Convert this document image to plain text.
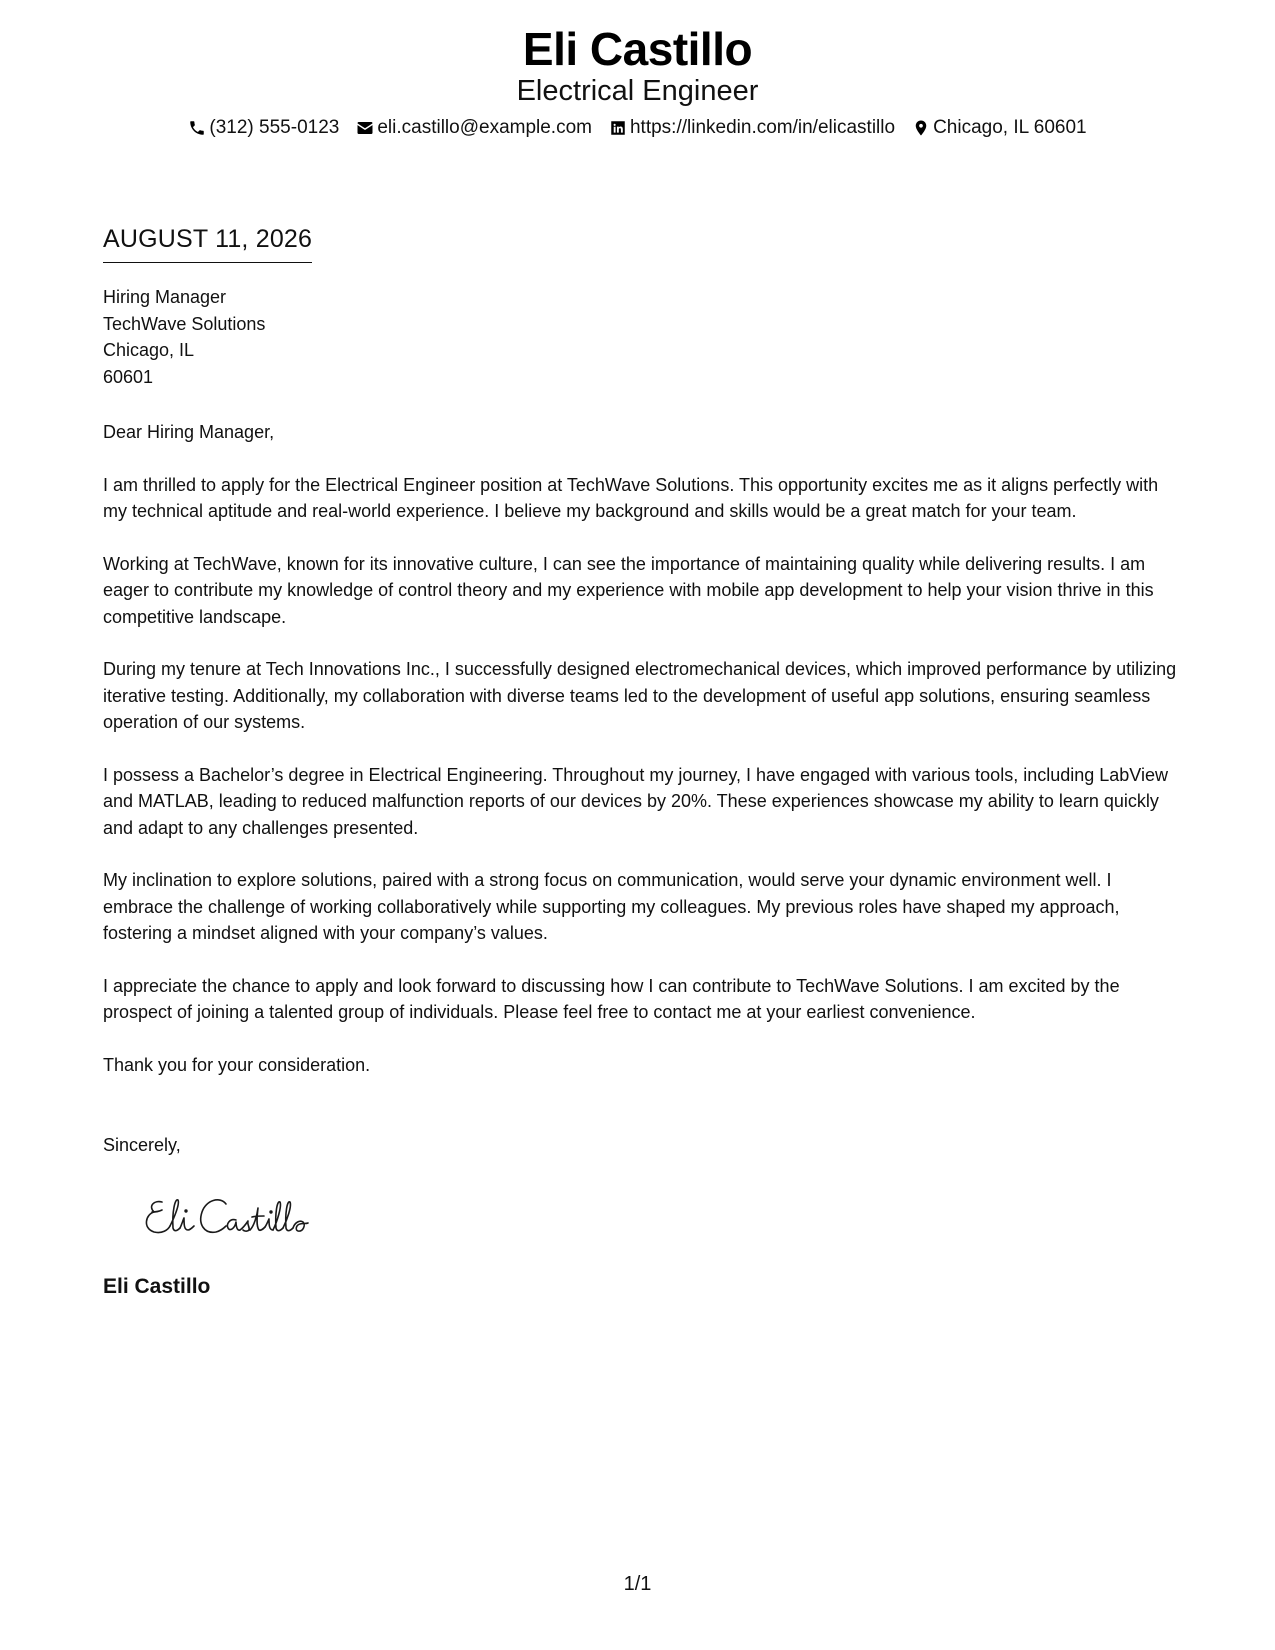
Eli Castillo
Electrical Engineer
(312) 555-0123 eli.castillo@example.com https://linkedin.com/in/elicastillo Chicago, IL 60601
AUGUST 11, 2026
Hiring Manager
TechWave Solutions
Chicago, IL
60601
Dear Hiring Manager,

I am thrilled to apply for the Electrical Engineer position at TechWave Solutions. This opportunity excites me as it aligns perfectly with my technical aptitude and real-world experience. I believe my background and skills would be a great match for your team.

Working at TechWave, known for its innovative culture, I can see the importance of maintaining quality while delivering results. I am eager to contribute my knowledge of control theory and my experience with mobile app development to help your vision thrive in this competitive landscape.

During my tenure at Tech Innovations Inc., I successfully designed electromechanical devices, which improved performance by utilizing iterative testing. Additionally, my collaboration with diverse teams led to the development of useful app solutions, ensuring seamless operation of our systems.

I possess a Bachelor’s degree in Electrical Engineering. Throughout my journey, I have engaged with various tools, including LabView and MATLAB, leading to reduced malfunction reports of our devices by 20%. These experiences showcase my ability to learn quickly and adapt to any challenges presented.

My inclination to explore solutions, paired with a strong focus on communication, would serve your dynamic environment well. I embrace the challenge of working collaboratively while supporting my colleagues. My previous roles have shaped my approach, fostering a mindset aligned with your company’s values.

I appreciate the chance to apply and look forward to discussing how I can contribute to TechWave Solutions. I am excited by the prospect of joining a talented group of individuals. Please feel free to contact me at your earliest convenience.

Thank you for your consideration.

Sincerely,
Eli Castillo
1/1
